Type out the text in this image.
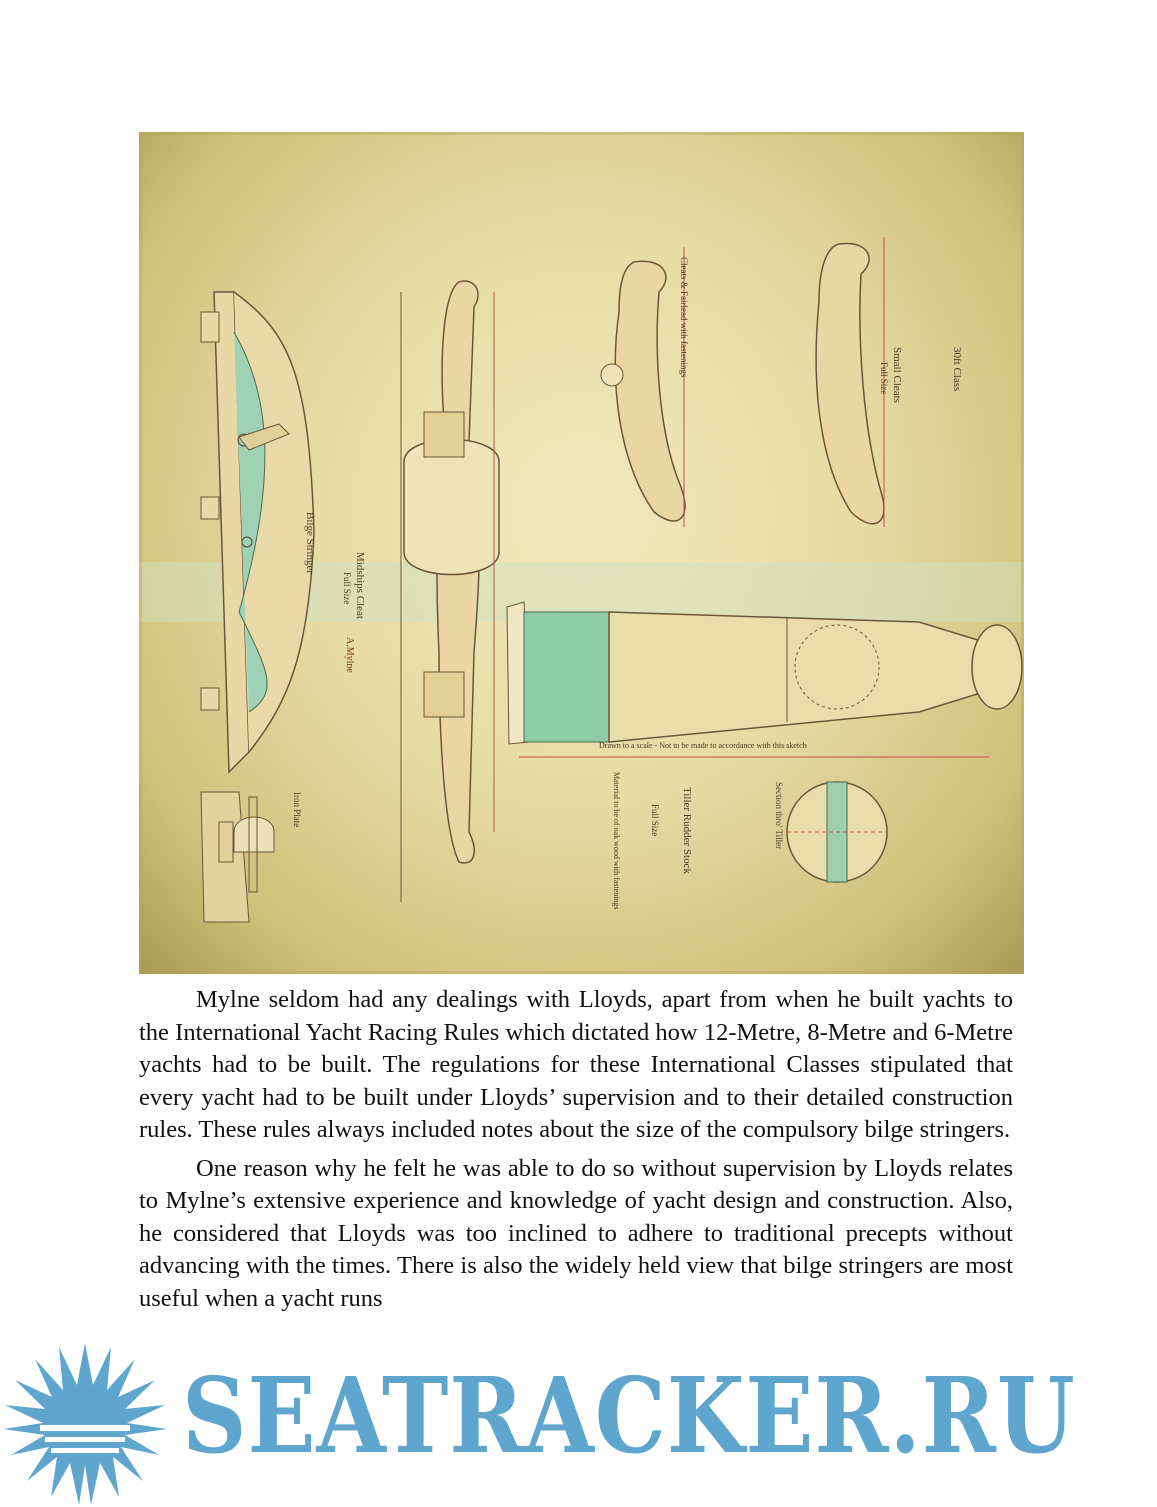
30ft Class
Small Cleats
Full Size
Cleats & Fairlead with fastenings
Midships Cleat
Full Size
Bilge Stringer
Iron Plate	Tiller Rudder Stock
Full Size
Material to be of oak wood with fastenings	Section thro' Tiller
Drawn to a scale - Not to be made to accordance with this sketch
A.Mylne

Mylne seldom had any dealings with Lloyds, apart from when he built yachts to the International Yacht Racing Rules which dictated how 12-Metre, 8-Metre and 6-Metre yachts had to be built. The regulations for these International Classes stipulated that every yacht had to be built under Lloyds’ supervision and to their detailed construction rules. These rules always included notes about the size of the compulsory bilge stringers.

One reason why he felt he was able to do so without supervision by Lloyds relates to Mylne’s extensive experience and knowledge of yacht design and construction. Also, he considered that Lloyds was too inclined to adhere to traditional precepts without advancing with the times. There is also the widely held view that bilge stringers are most useful when a yacht runs

SEATRACKER.RU
